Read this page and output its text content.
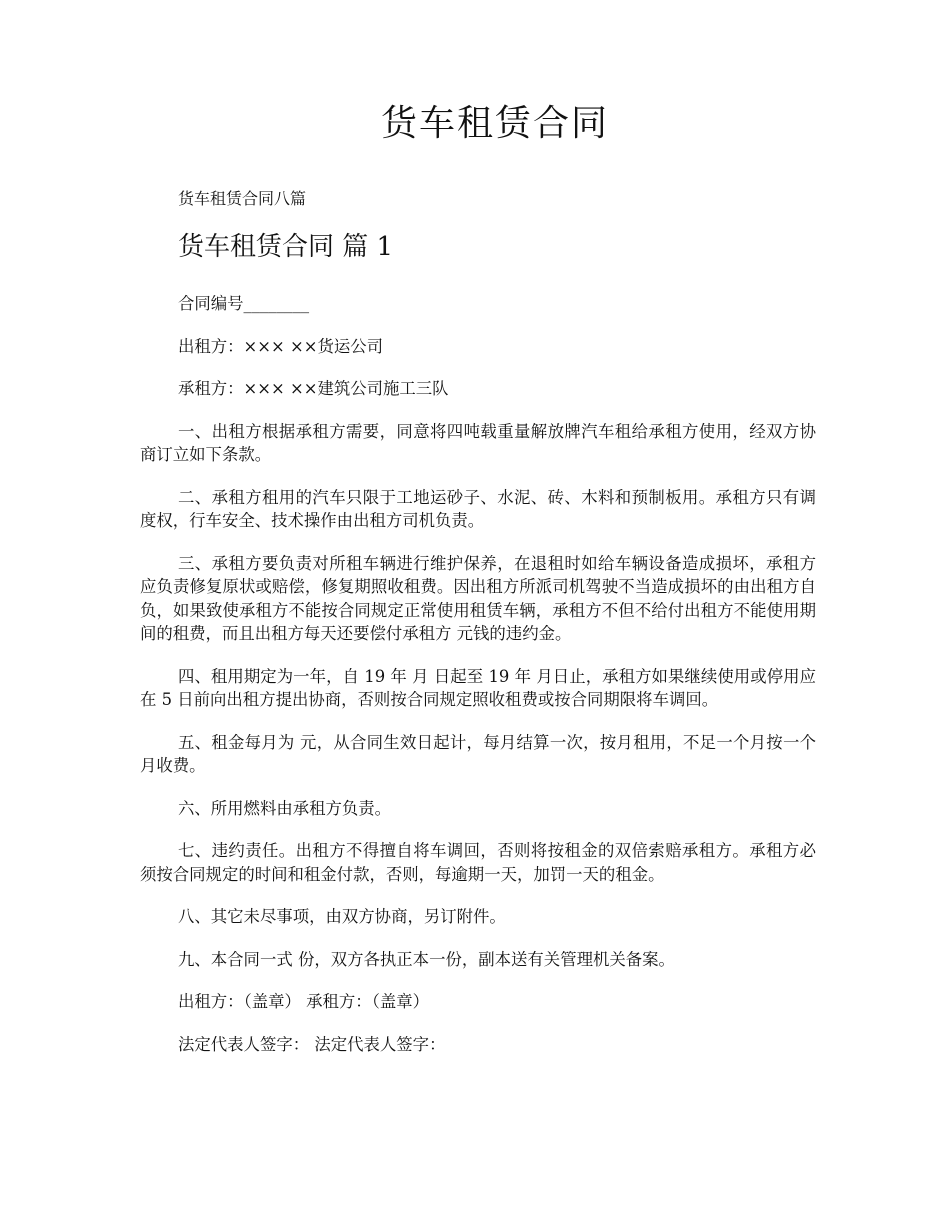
货车租赁合同
货车租赁合同八篇
货车租赁合同 篇 1

合同编号________

出租方：××× ××货运公司

承租方：××× ××建筑公司施工三队

一、出租方根据承租方需要，同意将四吨载重量解放牌汽车租给承租方使用，经双方协商订立如下条款。

二、承租方租用的汽车只限于工地运砂子、水泥、砖、木料和预制板用。承租方只有调度权，行车安全、技术操作由出租方司机负责。

三、承租方要负责对所租车辆进行维护保养，在退租时如给车辆设备造成损坏，承租方应负责修复原状或赔偿，修复期照收租费。因出租方所派司机驾驶不当造成损坏的由出租方自负，如果致使承租方不能按合同规定正常使用租赁车辆，承租方不但不给付出租方不能使用期间的租费，而且出租方每天还要偿付承租方 元钱的违约金。

四、租用期定为一年，自 19 年 月 日起至 19 年 月日止，承租方如果继续使用或停用应在 5 日前向出租方提出协商，否则按合同规定照收租费或按合同期限将车调回。

五、租金每月为 元，从合同生效日起计，每月结算一次，按月租用，不足一个月按一个月收费。

六、所用燃料由承租方负责。

七、违约责任。出租方不得擅自将车调回，否则将按租金的双倍索赔承租方。承租方必须按合同规定的时间和租金付款，否则，每逾期一天，加罚一天的租金。

八、其它未尽事项，由双方协商，另订附件。

九、本合同一式 份，双方各执正本一份，副本送有关管理机关备案。

出租方：（盖章） 承租方：（盖章）

法定代表人签字： 法定代表人签字：
